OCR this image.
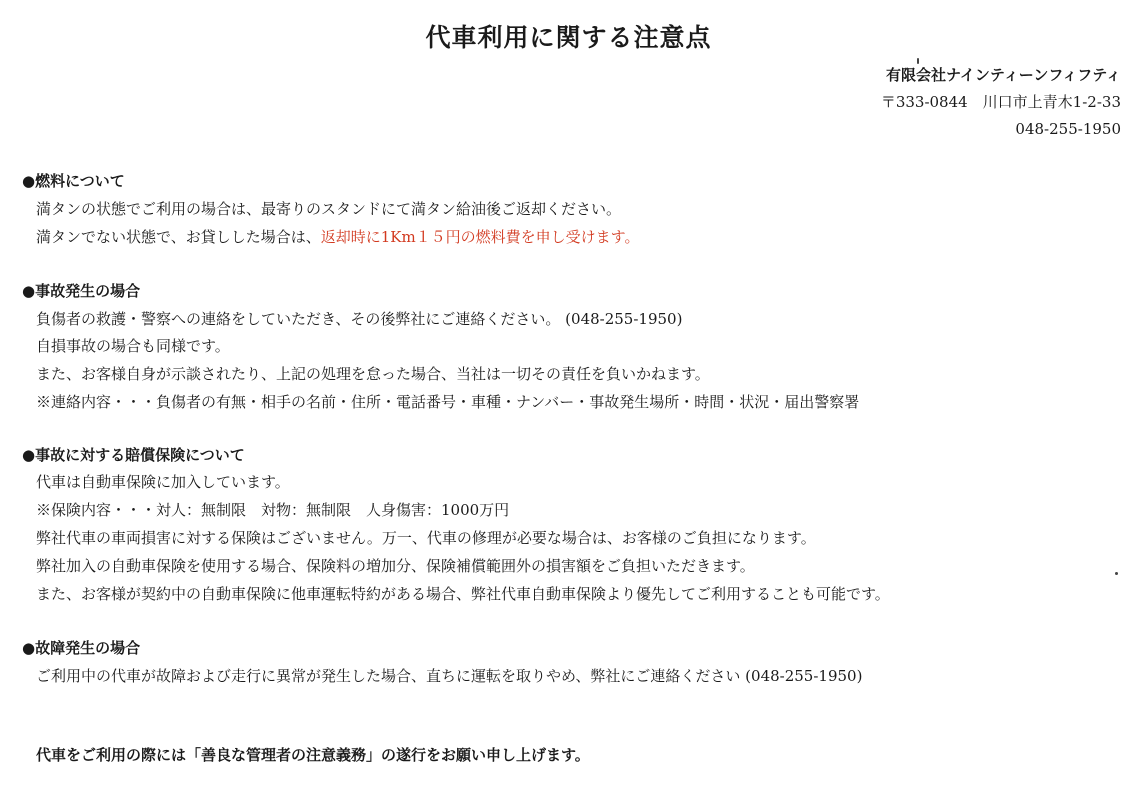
代車利用に関する注意点
有限会社ナインティーンフィフティ
〒333-0844　川口市上青木1-2-33
048-255-1950
●燃料について
満タンの状態でご利用の場合は、最寄りのスタンドにて満タン給油後ご返却ください。
満タンでない状態で、お貸しした場合は、返却時に1Km１５円の燃料費を申し受けます。
●事故発生の場合
負傷者の救護・警察への連絡をしていただき、その後弊社にご連絡ください。 (048-255-1950)
自損事故の場合も同様です。
また、お客様自身が示談されたり、上記の処理を怠った場合、当社は一切その責任を負いかねます。
※連絡内容・・・負傷者の有無・相手の名前・住所・電話番号・車種・ナンバー・事故発生場所・時間・状況・届出警察署
●事故に対する賠償保険について
代車は自動車保険に加入しています。
※保険内容・・・対人：無制限　対物：無制限　人身傷害：1000万円
弊社代車の車両損害に対する保険はございません。万一、代車の修理が必要な場合は、お客様のご負担になります。
弊社加入の自動車保険を使用する場合、保険料の増加分、保険補償範囲外の損害額をご負担いただきます。
また、お客様が契約中の自動車保険に他車運転特約がある場合、弊社代車自動車保険より優先してご利用することも可能です。
●故障発生の場合
ご利用中の代車が故障および走行に異常が発生した場合、直ちに運転を取りやめ、弊社にご連絡ください (048-255-1950)
代車をご利用の際には「善良な管理者の注意義務」の遂行をお願い申し上げます。
